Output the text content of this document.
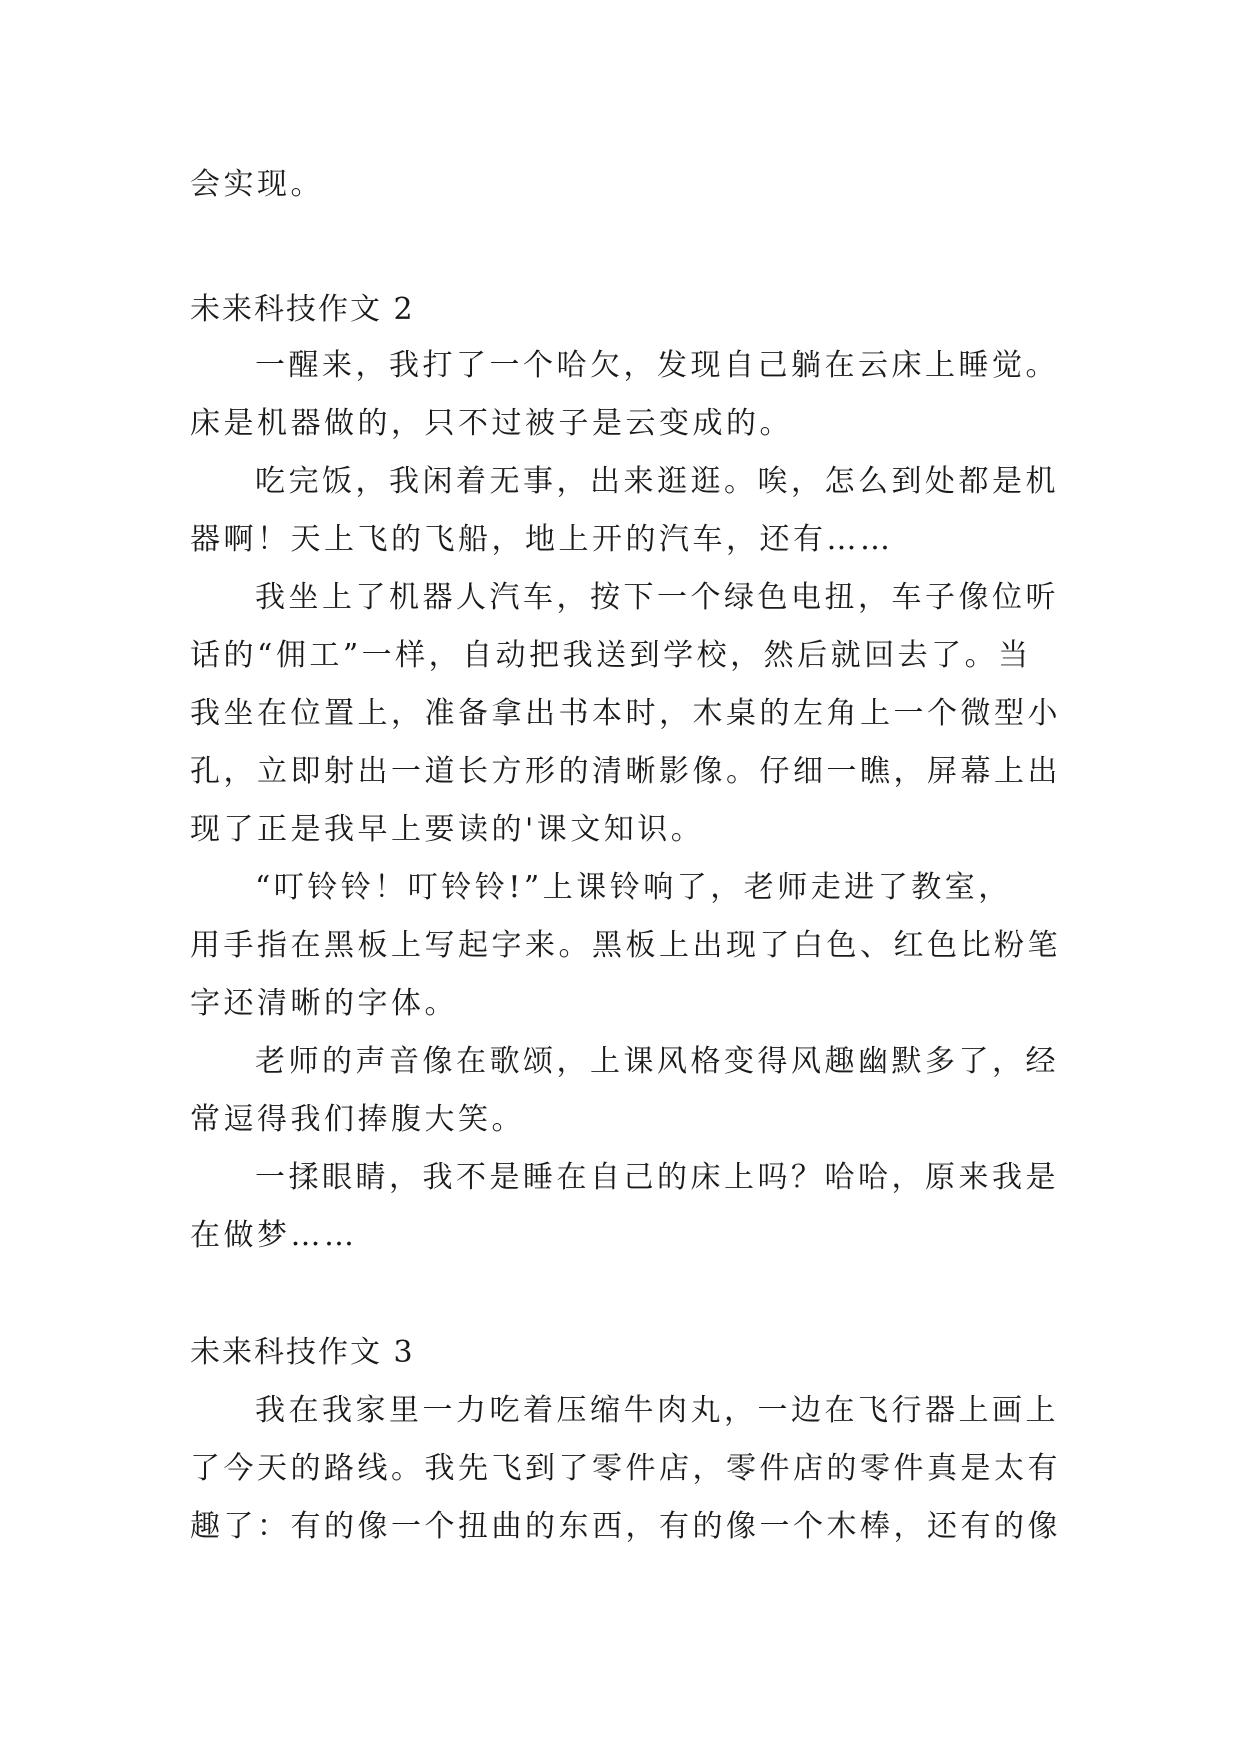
会实现。
未来科技作文 2
一醒来，我打了一个哈欠，发现自己躺在云床上睡觉。
床是机器做的，只不过被子是云变成的。
吃完饭，我闲着无事，出来逛逛。唉，怎么到处都是机
器啊！天上飞的飞船，地上开的汽车，还有……
我坐上了机器人汽车，按下一个绿色电扭，车子像位听
话的“佣工”一样，自动把我送到学校，然后就回去了。当
我坐在位置上，准备拿出书本时，木桌的左角上一个微型小
孔，立即射出一道长方形的清晰影像。仔细一瞧，屏幕上出
现了正是我早上要读的'课文知识。
“叮铃铃！叮铃铃!”上课铃响了，老师走进了教室，
用手指在黑板上写起字来。黑板上出现了白色、红色比粉笔
字还清晰的字体。
老师的声音像在歌颂，上课风格变得风趣幽默多了，经
常逗得我们捧腹大笑。
一揉眼睛，我不是睡在自己的床上吗？哈哈，原来我是
在做梦……
未来科技作文 3
我在我家里一力吃着压缩牛肉丸，一边在飞行器上画上
了今天的路线。我先飞到了零件店，零件店的零件真是太有
趣了：有的像一个扭曲的东西，有的像一个木棒，还有的像
